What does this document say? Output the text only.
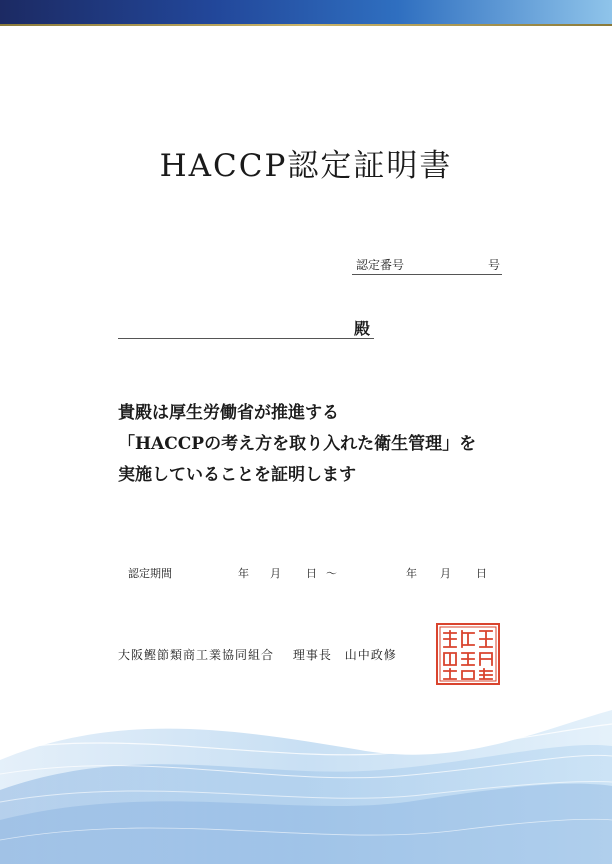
HACCP認定証明書
認定番号	号
殿
貴殿は厚生労働省が推進する
「HACCPの考え方を取り入れた衛生管理」を
実施していることを証明します
認定期間	年 月 日 ～	年 月 日
大阪鰹節類商工業協同組合 理事長 山中政修
